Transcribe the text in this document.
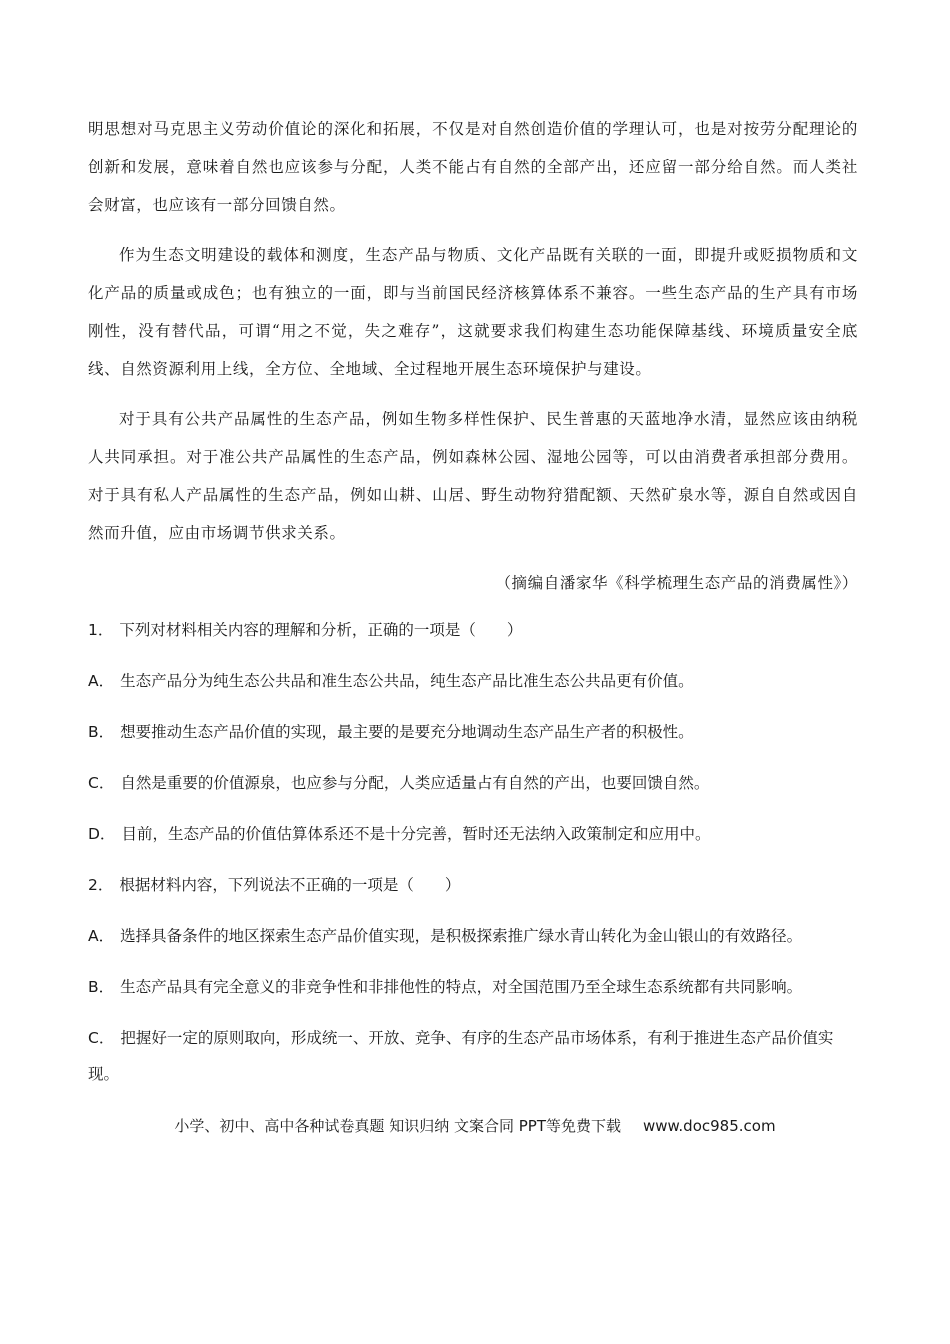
明思想对马克思主义劳动价值论的深化和拓展，不仅是对自然创造价值的学理认可，也是对按劳分配理论的创新和发展，意味着自然也应该参与分配，人类不能占有自然的全部产出，还应留一部分给自然。而人类社会财富，也应该有一部分回馈自然。

作为生态文明建设的载体和测度，生态产品与物质、文化产品既有关联的一面，即提升或贬损物质和文化产品的质量或成色；也有独立的一面，即与当前国民经济核算体系不兼容。一些生态产品的生产具有市场刚性，没有替代品，可谓“用之不觉，失之难存”，这就要求我们构建生态功能保障基线、环境质量安全底线、自然资源利用上线，全方位、全地域、全过程地开展生态环境保护与建设。

对于具有公共产品属性的生态产品，例如生物多样性保护、民生普惠的天蓝地净水清，显然应该由纳税人共同承担。对于准公共产品属性的生态产品，例如森林公园、湿地公园等，可以由消费者承担部分费用。对于具有私人产品属性的生态产品，例如山耕、山居、野生动物狩猎配额、天然矿泉水等，源自自然或因自然而升值，应由市场调节供求关系。

（摘编自潘家华《科学梳理生态产品的消费属性》）

1． 下列对材料相关内容的理解和分析，正确的一项是（　　）
A． 生态产品分为纯生态公共品和准生态公共品，纯生态产品比准生态公共品更有价值。
B． 想要推动生态产品价值的实现，最主要的是要充分地调动生态产品生产者的积极性。
C． 自然是重要的价值源泉，也应参与分配，人类应适量占有自然的产出，也要回馈自然。
D． 目前，生态产品的价值估算体系还不是十分完善，暂时还无法纳入政策制定和应用中。
2． 根据材料内容，下列说法不正确的一项是（　　）
A． 选择具备条件的地区探索生态产品价值实现，是积极探索推广绿水青山转化为金山银山的有效路径。
B． 生态产品具有完全意义的非竞争性和非排他性的特点，对全国范围乃至全球生态系统都有共同影响。
C． 把握好一定的原则取向，形成统一、开放、竞争、有序的生态产品市场体系，有利于推进生态产品价值实现。
小学、初中、高中各种试卷真题 知识归纳 文案合同 PPT等免费下载 www.doc985.com
